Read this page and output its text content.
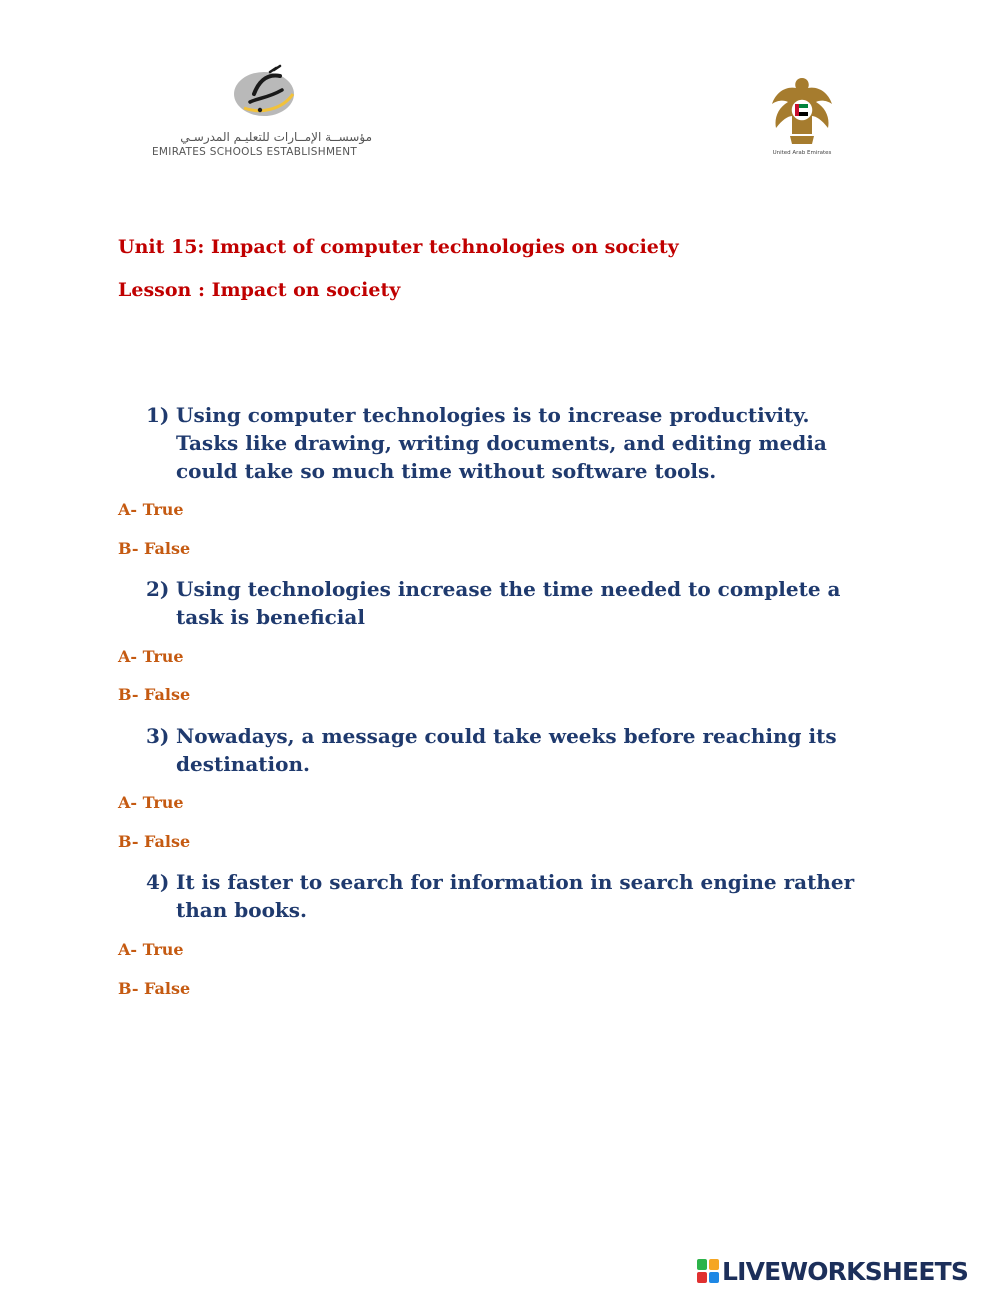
مؤسســة الإمــارات للتعليـم المدرسـي
EMIRATES SCHOOLS ESTABLISHMENT	United Arab Emirates
Unit 15: Impact of computer technologies on society
Lesson : Impact on society
1) Using computer technologies is to increase productivity.
Tasks like drawing, writing documents, and editing media
could take so much time without software tools.
A- True
B- False
2) Using technologies increase the time needed to complete a
task is beneficial
A- True
B- False
3) Nowadays, a message could take weeks before reaching its
destination.
A- True
B- False
4) It is faster to search for information in search engine rather
than books.
A- True
B- False
LIVEWORKSHEETS
